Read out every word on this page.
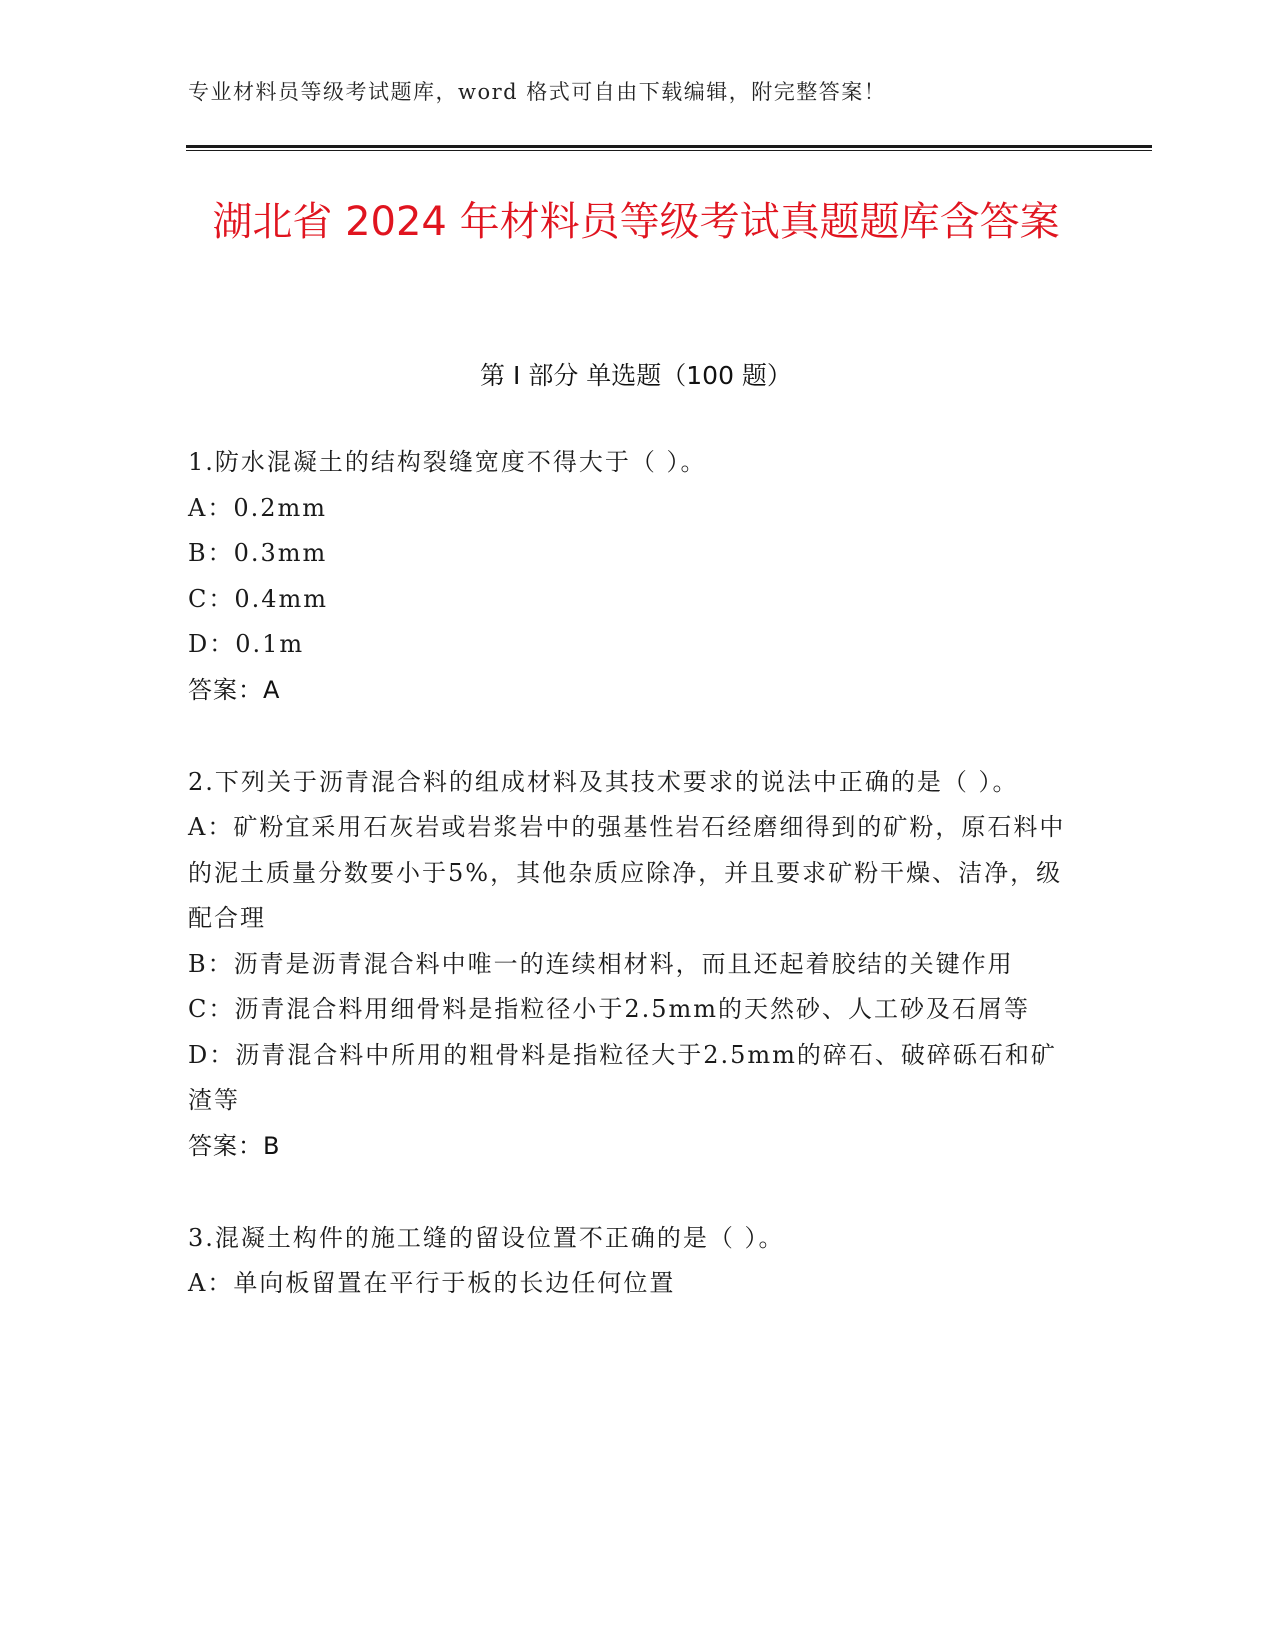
专业材料员等级考试题库，word 格式可自由下载编辑，附完整答案！
湖北省 2024 年材料员等级考试真题题库含答案
第 I 部分 单选题（100 题）
1.防水混凝土的结构裂缝宽度不得大于（ ）。
A：0.2mm
B：0.3mm
C：0.4mm
D：0.1m
答案：A
2.下列关于沥青混合料的组成材料及其技术要求的说法中正确的是（ ）。
A：矿粉宜采用石灰岩或岩浆岩中的强基性岩石经磨细得到的矿粉，原石料中的泥土质量分数要小于5%，其他杂质应除净，并且要求矿粉干燥、洁净，级配合理
B：沥青是沥青混合料中唯一的连续相材料，而且还起着胶结的关键作用
C：沥青混合料用细骨料是指粒径小于2.5mm的天然砂、人工砂及石屑等
D：沥青混合料中所用的粗骨料是指粒径大于2.5mm的碎石、破碎砾石和矿渣等
答案：B
3.混凝土构件的施工缝的留设位置不正确的是（ ）。
A：单向板留置在平行于板的长边任何位置
